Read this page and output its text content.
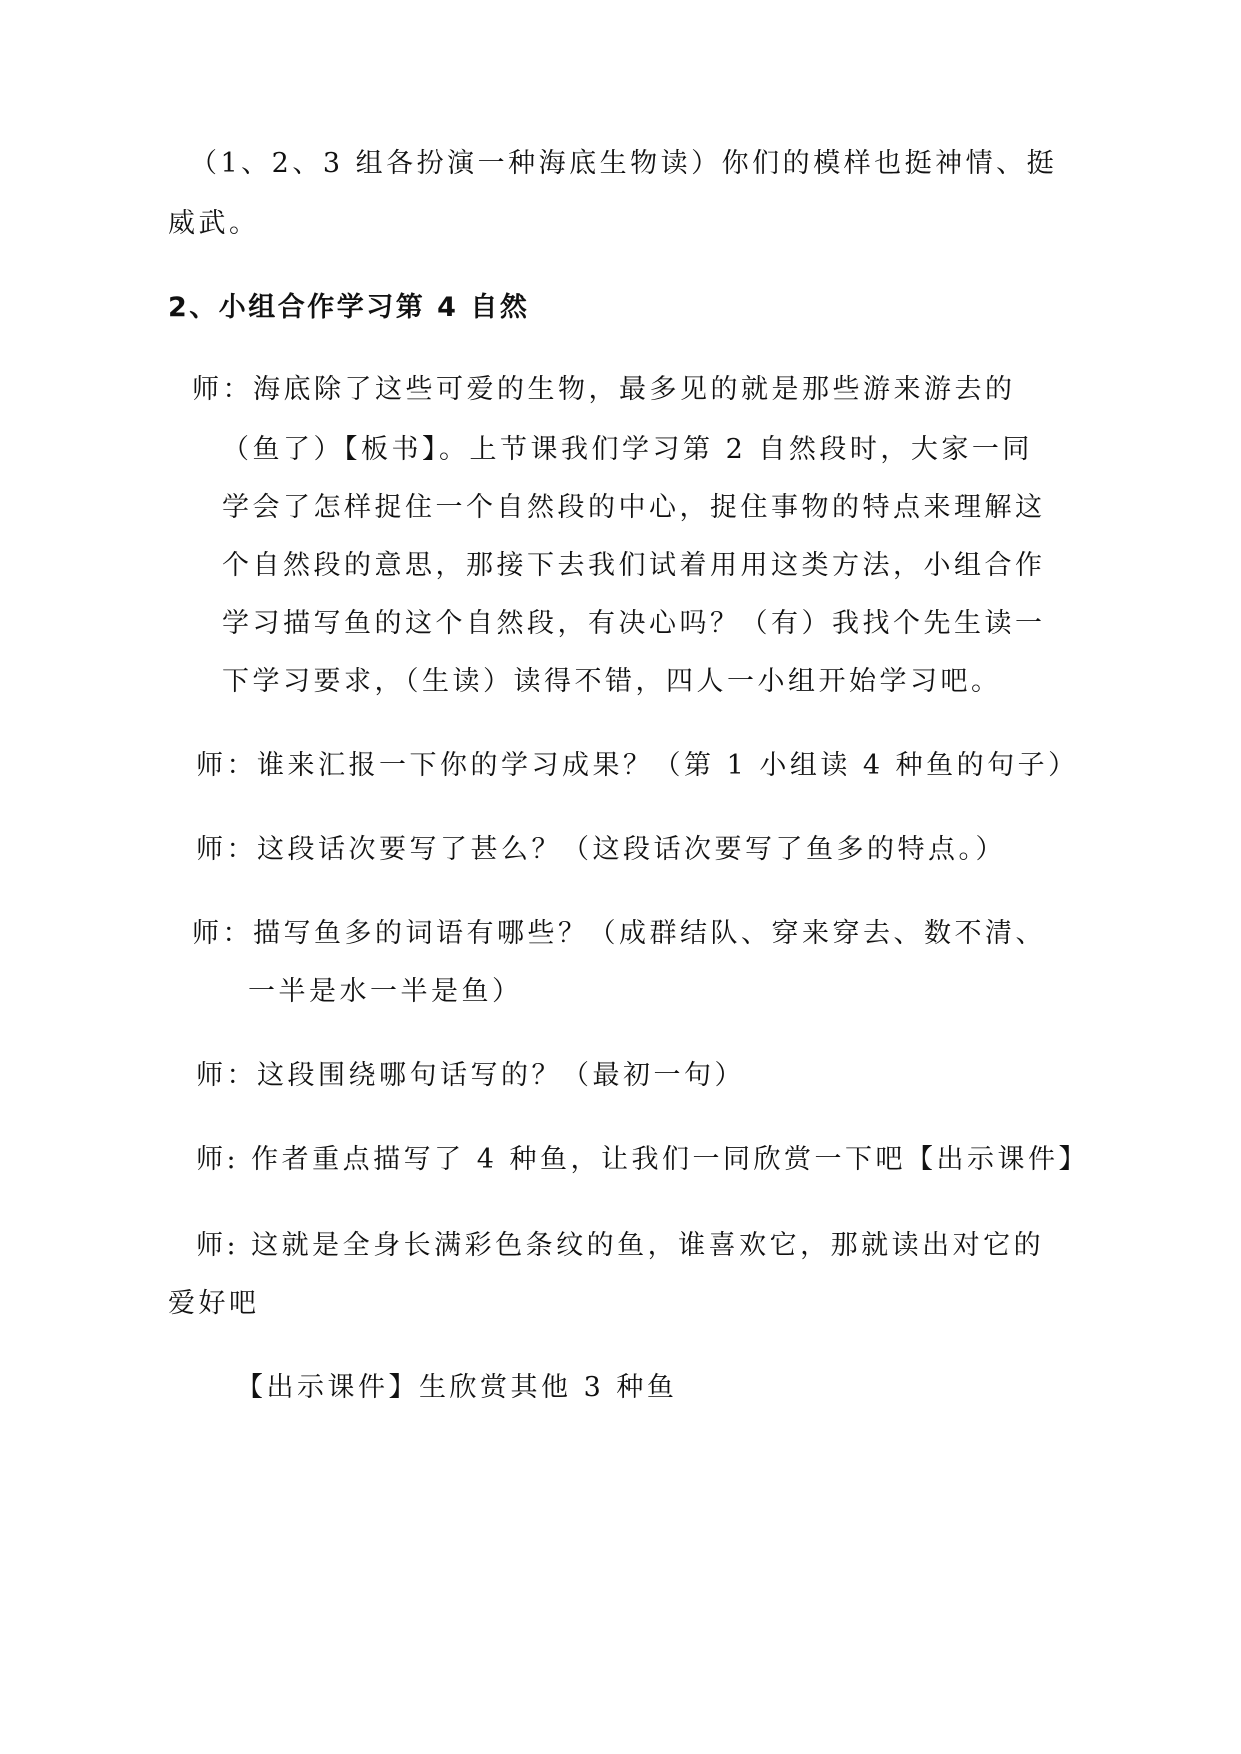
（1、2、3 组各扮演一种海底生物读）你们的模样也挺神情、挺
威武。
2、小组合作学习第 4 自然
师：海底除了这些可爱的生物，最多见的就是那些游来游去的
（鱼了）【板书】。上节课我们学习第 2 自然段时，大家一同
学会了怎样捉住一个自然段的中心，捉住事物的特点来理解这
个自然段的意思，那接下去我们试着用用这类方法，小组合作
学习描写鱼的这个自然段，有决心吗？（有）我找个先生读一
下学习要求，（生读）读得不错，四人一小组开始学习吧。
师：谁来汇报一下你的学习成果？（第 1 小组读 4 种鱼的句子）
师：这段话次要写了甚么？（这段话次要写了鱼多的特点。）
师：描写鱼多的词语有哪些？（成群结队、穿来穿去、数不清、
一半是水一半是鱼）
师：这段围绕哪句话写的？（最初一句）
师: 作者重点描写了 4 种鱼，让我们一同欣赏一下吧【出示课件】
师: 这就是全身长满彩色条纹的鱼，谁喜欢它，那就读出对它的
爱好吧
【出示课件】生欣赏其他 3 种鱼
